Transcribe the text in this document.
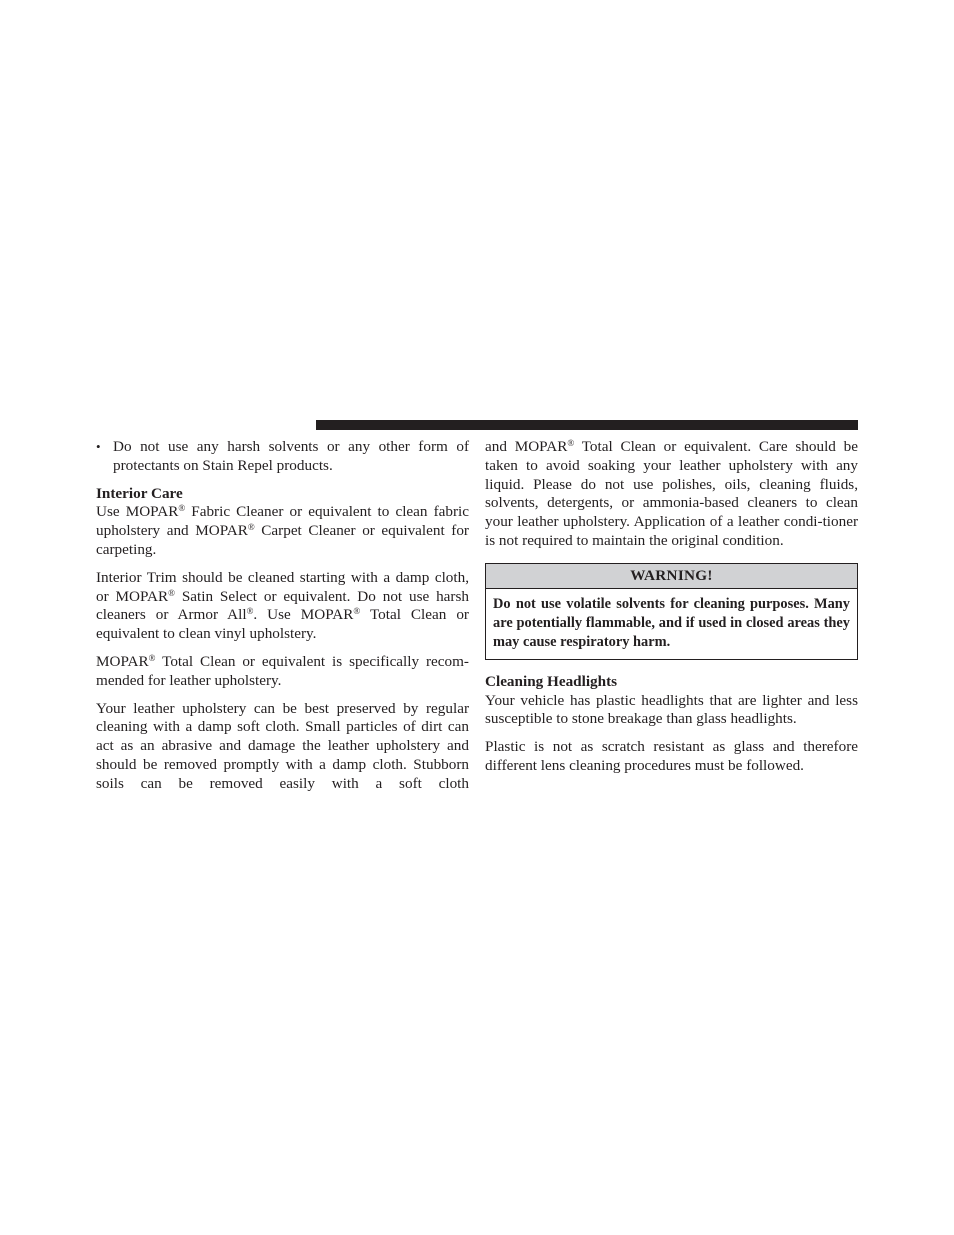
• Do not use any harsh solvents or any other form of protectants on Stain Repel products.
Interior Care

Use MOPAR® Fabric Cleaner or equivalent to clean fabric upholstery and MOPAR® Carpet Cleaner or equivalent for carpeting.

Interior Trim should be cleaned starting with a damp cloth, or MOPAR® Satin Select or equivalent. Do not use harsh cleaners or Armor All®. Use MOPAR® Total Clean or equivalent to clean vinyl upholstery.

MOPAR® Total Clean or equivalent is specifically recom-mended for leather upholstery.

Your leather upholstery can be best preserved by regular cleaning with a damp soft cloth. Small particles of dirt can act as an abrasive and damage the leather upholstery and should be removed promptly with a damp cloth. Stubborn soils can be removed easily with a soft cloth

and MOPAR® Total Clean or equivalent. Care should be taken to avoid soaking your leather upholstery with any liquid. Please do not use polishes, oils, cleaning fluids, solvents, detergents, or ammonia-based cleaners to clean your leather upholstery. Application of a leather condi-tioner is not required to maintain the original condition.

WARNING!
Do not use volatile solvents for cleaning purposes. Many are potentially flammable, and if used in closed areas they may cause respiratory harm.
Cleaning Headlights

Your vehicle has plastic headlights that are lighter and less susceptible to stone breakage than glass headlights.

Plastic is not as scratch resistant as glass and therefore different lens cleaning procedures must be followed.
